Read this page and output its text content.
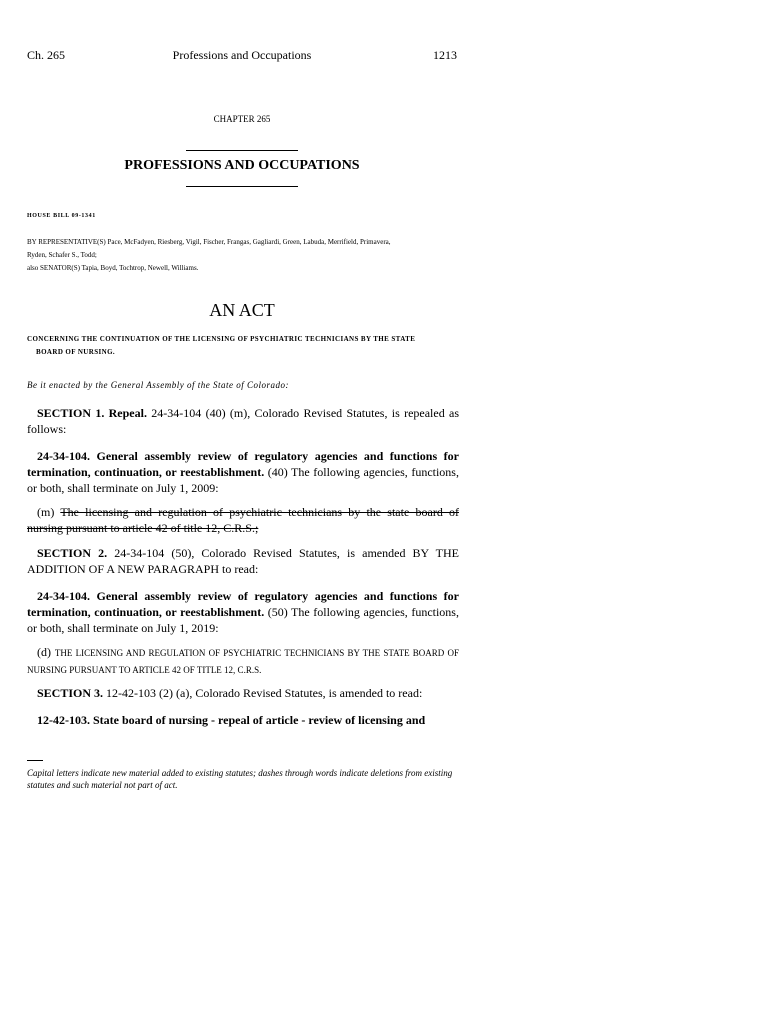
Ch. 265	Professions and Occupations	1213
CHAPTER 265
PROFESSIONS AND OCCUPATIONS
HOUSE BILL 09-1341
BY REPRESENTATIVE(S) Pace, McFadyen, Riesberg, Vigil, Fischer, Frangas, Gagliardi, Green, Labuda, Merrifield, Primavera,
Ryden, Schafer S., Todd;
also SENATOR(S) Tapia, Boyd, Tochtrop, Newell, Williams.
AN ACT
CONCERNING THE CONTINUATION OF THE LICENSING OF PSYCHIATRIC TECHNICIANS BY THE STATE
BOARD OF NURSING.
Be it enacted by the General Assembly of the State of Colorado:
SECTION 1. Repeal. 24-34-104 (40) (m), Colorado Revised Statutes, is repealed as follows:
24-34-104. General assembly review of regulatory agencies and functions for termination, continuation, or reestablishment. (40) The following agencies, functions, or both, shall terminate on July 1, 2009:
(m) The licensing and regulation of psychiatric technicians by the state board of nursing pursuant to article 42 of title 12, C.R.S.;
SECTION 2. 24-34-104 (50), Colorado Revised Statutes, is amended BY THE ADDITION OF A NEW PARAGRAPH to read:
24-34-104. General assembly review of regulatory agencies and functions for termination, continuation, or reestablishment. (50) The following agencies, functions, or both, shall terminate on July 1, 2019:
(d) THE LICENSING AND REGULATION OF PSYCHIATRIC TECHNICIANS BY THE STATE BOARD OF NURSING PURSUANT TO ARTICLE 42 OF TITLE 12, C.R.S.
SECTION 3. 12-42-103 (2) (a), Colorado Revised Statutes, is amended to read:
12-42-103. State board of nursing - repeal of article - review of licensing and
Capital letters indicate new material added to existing statutes; dashes through words indicate deletions from existing statutes and such material not part of act.
